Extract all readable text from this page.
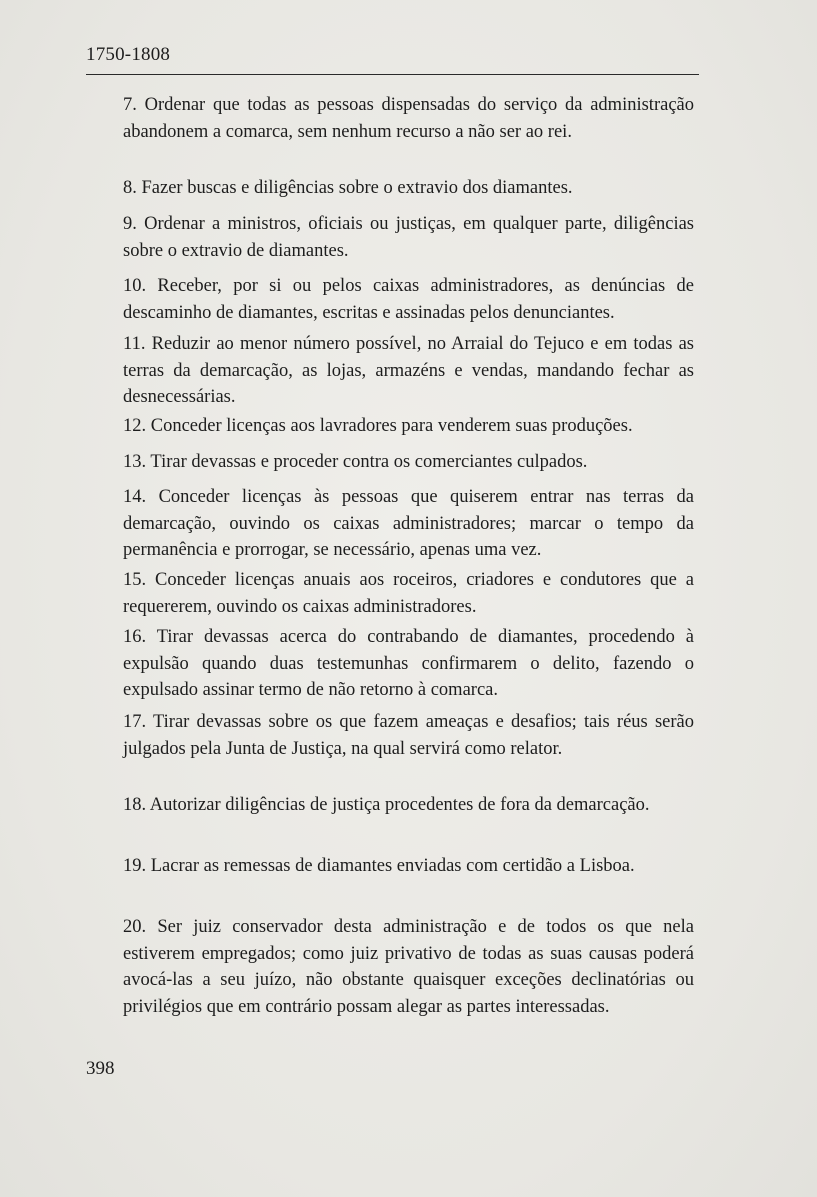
1750-1808
7. Ordenar que todas as pessoas dispensadas do serviço da administração abandonem a comarca, sem nenhum recurso a não ser ao rei.
8. Fazer buscas e diligências sobre o extravio dos diamantes.
9. Ordenar a ministros, oficiais ou justiças, em qualquer parte, diligências sobre o extravio de diamantes.
10. Receber, por si ou pelos caixas administradores, as denúncias de descaminho de diamantes, escritas e assinadas pelos denunciantes.
11. Reduzir ao menor número possível, no Arraial do Tejuco e em todas as terras da demarcação, as lojas, armazéns e vendas, mandando fechar as desnecessárias.
12. Conceder licenças aos lavradores para venderem suas produções.
13. Tirar devassas e proceder contra os comerciantes culpados.
14. Conceder licenças às pessoas que quiserem entrar nas terras da demarcação, ouvindo os caixas administradores; marcar o tempo da permanência e prorrogar, se necessário, apenas uma vez.
15. Conceder licenças anuais aos roceiros, criadores e condutores que a requererem, ouvindo os caixas administradores.
16. Tirar devassas acerca do contrabando de diamantes, procedendo à expulsão quando duas testemunhas confirmarem o delito, fazendo o expulsado assinar termo de não retorno à comarca.
17. Tirar devassas sobre os que fazem ameaças e desafios; tais réus serão julgados pela Junta de Justiça, na qual servirá como relator.
18. Autorizar diligências de justiça procedentes de fora da demarcação.
19. Lacrar as remessas de diamantes enviadas com certidão a Lisboa.
20. Ser juiz conservador desta administração e de todos os que nela estiverem empregados; como juiz privativo de todas as suas causas poderá avocá-las a seu juízo, não obstante quaisquer exceções declinatórias ou privilégios que em contrário possam alegar as partes interessadas.
398
